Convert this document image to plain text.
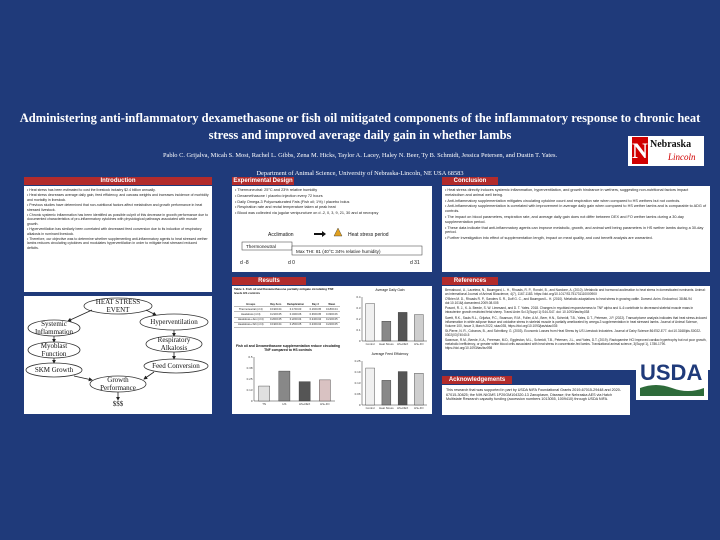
Administering anti-inflammatory dexamethasone or fish oil mitigated components of the inflammatory response to chronic heat stress and improved average daily gain in whether lambs
Pablo C. Grijalva, Micah S. Most, Rachel L. Gibbs, Zena M. Hicks, Taylor A. Lacey, Haley N. Beer, Ty B. Schmidt, Jessica Petersen, and Dustin T. Yates.
Department of Animal Science, University of Nebraska-Lincoln, NE USA 68583
N Nebraska
Lincoln
Introduction
• Heat stress has been estimated to cost the livestock industry $2.4 billion annually.
• Heat stress decreases average daily gain, feed efficiency, and carcass weights and increases incidence of morbidity and mortality in livestock.
• Previous studies have determined that non-nutritional factors affect metabolism and growth performance in heat stressed livestock.
• Chronic systemic inflammation has been identified as possible culprit of this decrease in growth performance due to documented characteristics of pro-inflammatory cytokines with physiological pathways associated with muscle growth.
• Hyperventilation has similarly been correlated with decreased feed conversion due to its induction of respiratory alkalosis in ruminant livestock.
• Therefore, our objective was to determine whether supplementing anti-inflammatory agents to heat stressed wether lambs reduces circulating cytokines and modulates hyperventilation in order to mitigate heat stressed reduced deficits.
HEAT STRESS
EVENT
Systemic
Inflammation
Hyperventilation
Myoblast
Function
Respiratory
Alkalosis
SKM Growth	Feed Conversion
Growth
Performance
$$$
Experimental Design
• Thermoneutral: 25°C and 23% relative humidity
• Dexamethasone / placebo injection every 72 hours
• Daily Omega-3 Polyunsaturated Fats (Fish oil; 1%) / placebo bolus
• Respiration rate and rectal temperature taken at peak heat
• Blood was collected via jugular venipuncture on d -2, 0, 3, 9, 21, 30 and at necropsy
Acclimation	Heat stress period
Thermoneutral
Max THI: 81 (40°C 34% relative humidity)
d -8	d 0	d 31
Results
Table 1. Fish oil and Dexamethasone partially mitigate circulating TNF levels HS controls
Groups	Day Zero	Reduplication	Day 3	Wean
Thermoneutral (n=4)	0.19±0.04	0.17±0.03	0.16±0.05	0.18±0.04
Heatstress (n=4)	0.21±0.05	0.34±0.06	0.36±0.05	0.33±0.06
Heatstress+ dex (n=4)	0.20±0.05	0.22±0.04	0.24±0.04	0.21±0.05
Heatstress+ fish (n=4)	0.19±0.04	0.25±0.05	0.23±0.04	0.22±0.05
Fish oil and Dexamethasone supplementation reduce circulating TNF compared to HS controls
0
0.13
0.25
0.38
0.5
TN	HS	HS+DEX	HS+FO
Average Daily Gain
0
0.1
0.2
0.3
0.4
Control Heat Stress HS+DEX HS+FO
Average Feed Efficiency
0
0.06
0.13
0.19
0.25
Control Heat Stress HS+DEX HS+FO
Conclusion
• Heat stress directly induces systemic inflammation, hyperventilation, and growth hindrance in wethers, suggesting non-nutritional factors impact metabolism and animal well being.
• Anti-inflammatory supplementation mitigates circulating cytokine count and respiration rate when compared to HS wethers but not controls.
• Anti-inflammatory supplementation is correlated with improvement in average daily gain when compared to HS wether lambs and is comparable to ADG of controls.
• The impact on blood parameters, respiration rate, and average daily gain does not differ between DEX and FO wether lambs during a 30-day supplementation period.
• These data indicate that anti-inflammatory agents can improve metabolic, growth, and animal well being parameters in HS wether lambs during a 30-day period.
• Further investigation into effect of supplementation length, impact on meat quality, and cost benefit analysis are warranted.
References
Bernabucci, U., Lacetera, N., Baumgard, L. H., Rhoads, R. P., Ronchi, B., and Nardone, A. (2010). Metabolic and hormonal acclimation to heat stress in domesticated ruminants. Animal: an international Journal of Animal Bioscience, 4(7), 1167-1183. https://doi.org/10.1017/S175173111000090X
O'Brien M. D., Rhoads R. P., Sanders S. R., Duff G. C., and Baumgard L. H. (2010). Metabolic adaptations to heat stress in growing cattle. Domest. Anim. Endocrinol. 38:86-94 doi:10.1016/j.domaniend.2009.08.005
Posont, R. J., K. A. Beede, S. W. Limesand, and D. T. Yates. 2018. Changes in myoblast responsiveness to TNF alpha and IL-6 contribute to decreased skeletal muscle mass in intrauterine growth restricted fetal sheep. Transl Anim Sci 2(Suppl 1):S44-S47. doi: 10.1093/tas/txy038
Swett, R.K., Sauls R.L., Grijalva, P.C., Swanson, R.M., Fuller, A.M., Beer, H.N., Schmidt, T.B., Yates, D.T., Petersen, J.P. (2022). Transcriptome analysis indicates that heat stress-induced inflammation in white adipose tissue and oxidative stress in skeletal muscle is partially ameliorated by omega-3 supplementation in heat stressed lambs. Journal of Animal Science, Volume 100, Issue 3, March 2022, skac035, https://doi.org/10.1093/jas/skac035
St-Pierre, N. R., Cobanov, B., and Schnitkey, G. (2003). Economic Losses from Heat Stress by US Livestock Industries. Journal of Dairy Science 86:E52-E77. doi:10.3168/jds.S0022-0302(03)74040-5
Swanson, R.M., Beede, K.A., Freeman, M.D., Eggleston, M.L., Schmidt, T.B., Petersen, J.L., and Yates, D.T. (2019). Ractopamine HCl improved cardiac hypertrophy but not poor growth, metabolic inefficiency, or greater white blood cells associated with heat stress in concentrate-fed lambs. Translational animal science, 3(Suppl 1), 1786-1790. https://doi.org/10.1093/tas/txz098
Acknowledgements
This research that was supported in part by USDA NIFA Foundational Grants 2019-67015-29448 and 2020-67015-30825; the NIH-NIGMS 1P20GM104320-13 Zanoplasm, Disease; the Nebraska AES via Hatch Multistate Research capacity funding (accession numbers 1013055, 1009410) through USDA NIFA.
USDA
